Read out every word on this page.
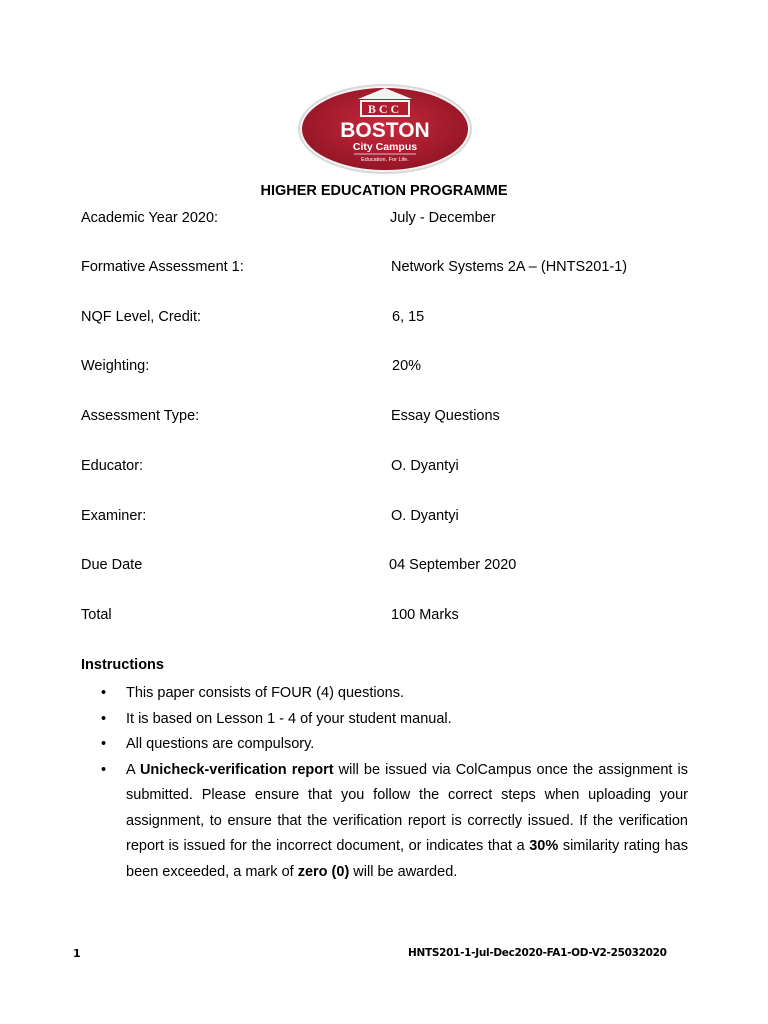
BCC
BOSTON
City Campus
Education. For Life.
HIGHER EDUCATION PROGRAMME
Academic Year 2020:	July - December
Formative Assessment 1:	Network Systems 2A – (HNTS201-1)
NQF Level, Credit:	6, 15
Weighting:	20%
Assessment Type:	Essay Questions
Educator:	O. Dyantyi
Examiner:	O. Dyantyi
Due Date	04 September 2020
Total	100 Marks
Instructions
• This paper consists of FOUR (4) questions.
• It is based on Lesson 1 - 4 of your student manual.
• All questions are compulsory.
• A Unicheck-verification report will be issued via ColCampus once the assignment is submitted. Please ensure that you follow the correct steps when uploading your assignment, to ensure that the verification report is correctly issued. If the verification report is issued for the incorrect document, or indicates that a 30% similarity rating has been exceeded, a mark of zero (0) will be awarded.
1	HNTS201-1-Jul-Dec2020-FA1-OD-V2-25032020
